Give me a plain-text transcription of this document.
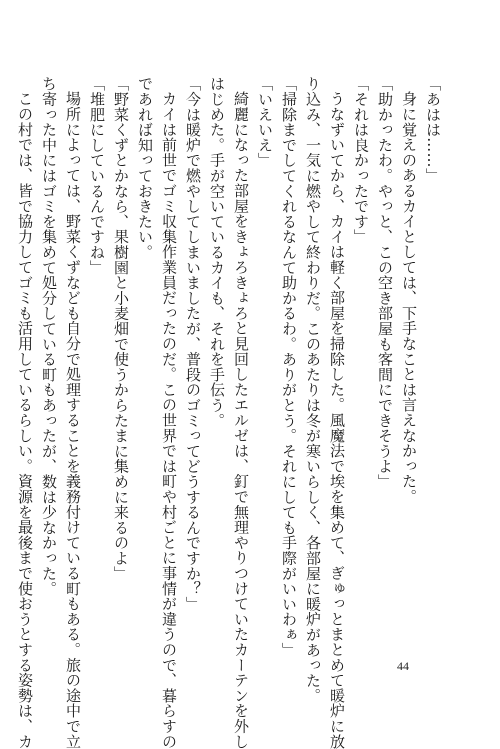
「あはは……」

身に覚えのあるカイとしては、下手なことは言えなかった。

「助かったわ。やっと、この空き部屋も客間にできそうよ」

「それは良かったです」

うなずいてから、カイは軽く部屋を掃除した。風魔法で埃を集めて、ぎゅっとまとめて暖炉に放

り込み、一気に燃やして終わりだ。このあたりは冬が寒いらしく、各部屋に暖炉があった。

「掃除までしてくれるなんて助かるわ。ありがとう。それにしても手際がいいわぁ」

「いえいえ」

綺麗になった部屋をきょろきょろと見回したエルゼは、釘で無理やりつけていたカーテンを外し

はじめた。手が空いているカイも、それを手伝う。

「今は暖炉で燃やしてしまいましたが、普段のゴミってどうするんですか？」

カイは前世でゴミ収集作業員だったのだ。この世界では町や村ごとに事情が違うので、暮らすの

であれば知っておきたい。

「野菜くずとかなら、果樹園と小麦畑で使うからたまに集めに来るのよ」

「堆肥にしているんですね」

場所によっては、野菜くずなども自分で処理することを義務付けている町もある。旅の途中で立

ち寄った中にはゴミを集めて処分している町もあったが、数は少なかった。

この村では、皆で協力してゴミも活用しているらしい。資源を最後まで使おうとする姿勢は、カ	44
